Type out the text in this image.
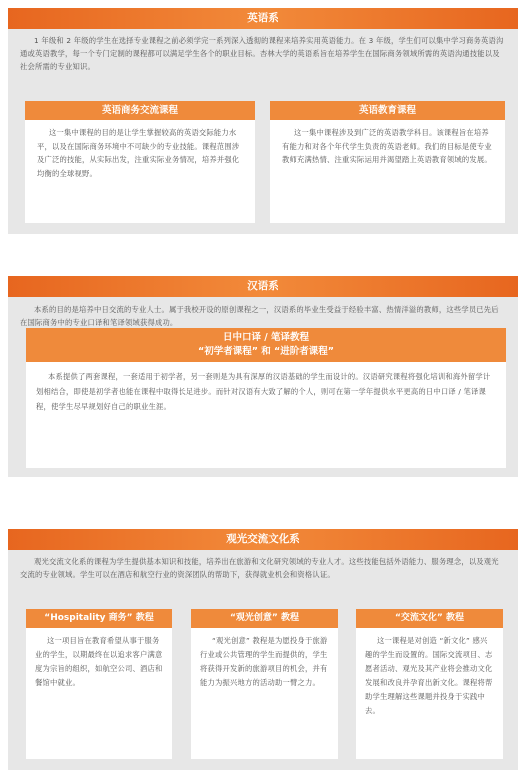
英语系
1 年级和 2 年级的学生在选择专业课程之前必须学完一系列深入透彻的课程来培养实用英语能力。在 3 年级，学生们可以集中学习商务英语沟通或英语教学，每一个专门定制的课程都可以满足学生各个的职业目标。杏林大学的英语系旨在培养学生在国际商务领域所需的英语沟通技能以及社会所需的专业知识。
英语商务交流课程
这一集中课程的目的是让学生掌握较高的英语交际能力水平，以及在国际商务环境中不可缺少的专业技能。课程范围涉及广泛的技能，从实际出发，注重实际业务情况，培养并强化均衡的全球视野。
英语教育课程
这一集中课程涉及到广泛的英语教学科目。该课程旨在培养有能力和对各个年代学生负责的英语老师。我们的目标是使专业教师充满热情、注重实际运用并渴望踏上英语教育领域的发展。
汉语系
本系的目的是培养中日交流的专业人士。属于我校开设的原创课程之一，汉语系的毕业生受益于经验丰富、热情洋溢的教师，这些学员已先后在国际商务中的专业口译和笔译领域获得成功。
日中口译 / 笔译教程
“初学者课程” 和 “进阶者课程”
本系提供了两套课程，一套适用于初学者，另一套则是为具有深厚的汉语基础的学生而设计的。汉语研究课程将强化培训和海外留学计划相结合，即使是初学者也能在课程中取得长足进步。而针对汉语有大致了解的个人，则可在第一学年提供水平更高的日中口译 / 笔译课程，使学生尽早规划好自己的职业生涯。
观光交流文化系
观光交流文化系的课程为学生提供基本知识和技能，培养出在旅游和文化研究领域的专业人才。这些技能包括外语能力、服务理念，以及观光交流的专业领域。学生可以在酒店和航空行业的资深团队的帮助下，获得就业机会和资格认证。
“Hospitality 商务” 教程
这一项目旨在教育希望从事于服务业的学生，以期最终在以追求客户满意度为宗旨的组织，如航空公司、酒店和餐馆中就业。
“观光创意” 教程
“观光创意” 教程是为愿投身于旅游行业或公共管理的学生而提供的，学生将获得开发新的旅游项目的机会，并有能力为振兴地方的活动助一臂之力。
“交流文化” 教程
这一课程是对创造 “新文化” 感兴趣的学生而设置的。国际交流项目、志愿者活动、观光及其产业将会推动文化发展和改良并孕育出新文化。课程将帮助学生理解这些课题并投身于实践中去。
